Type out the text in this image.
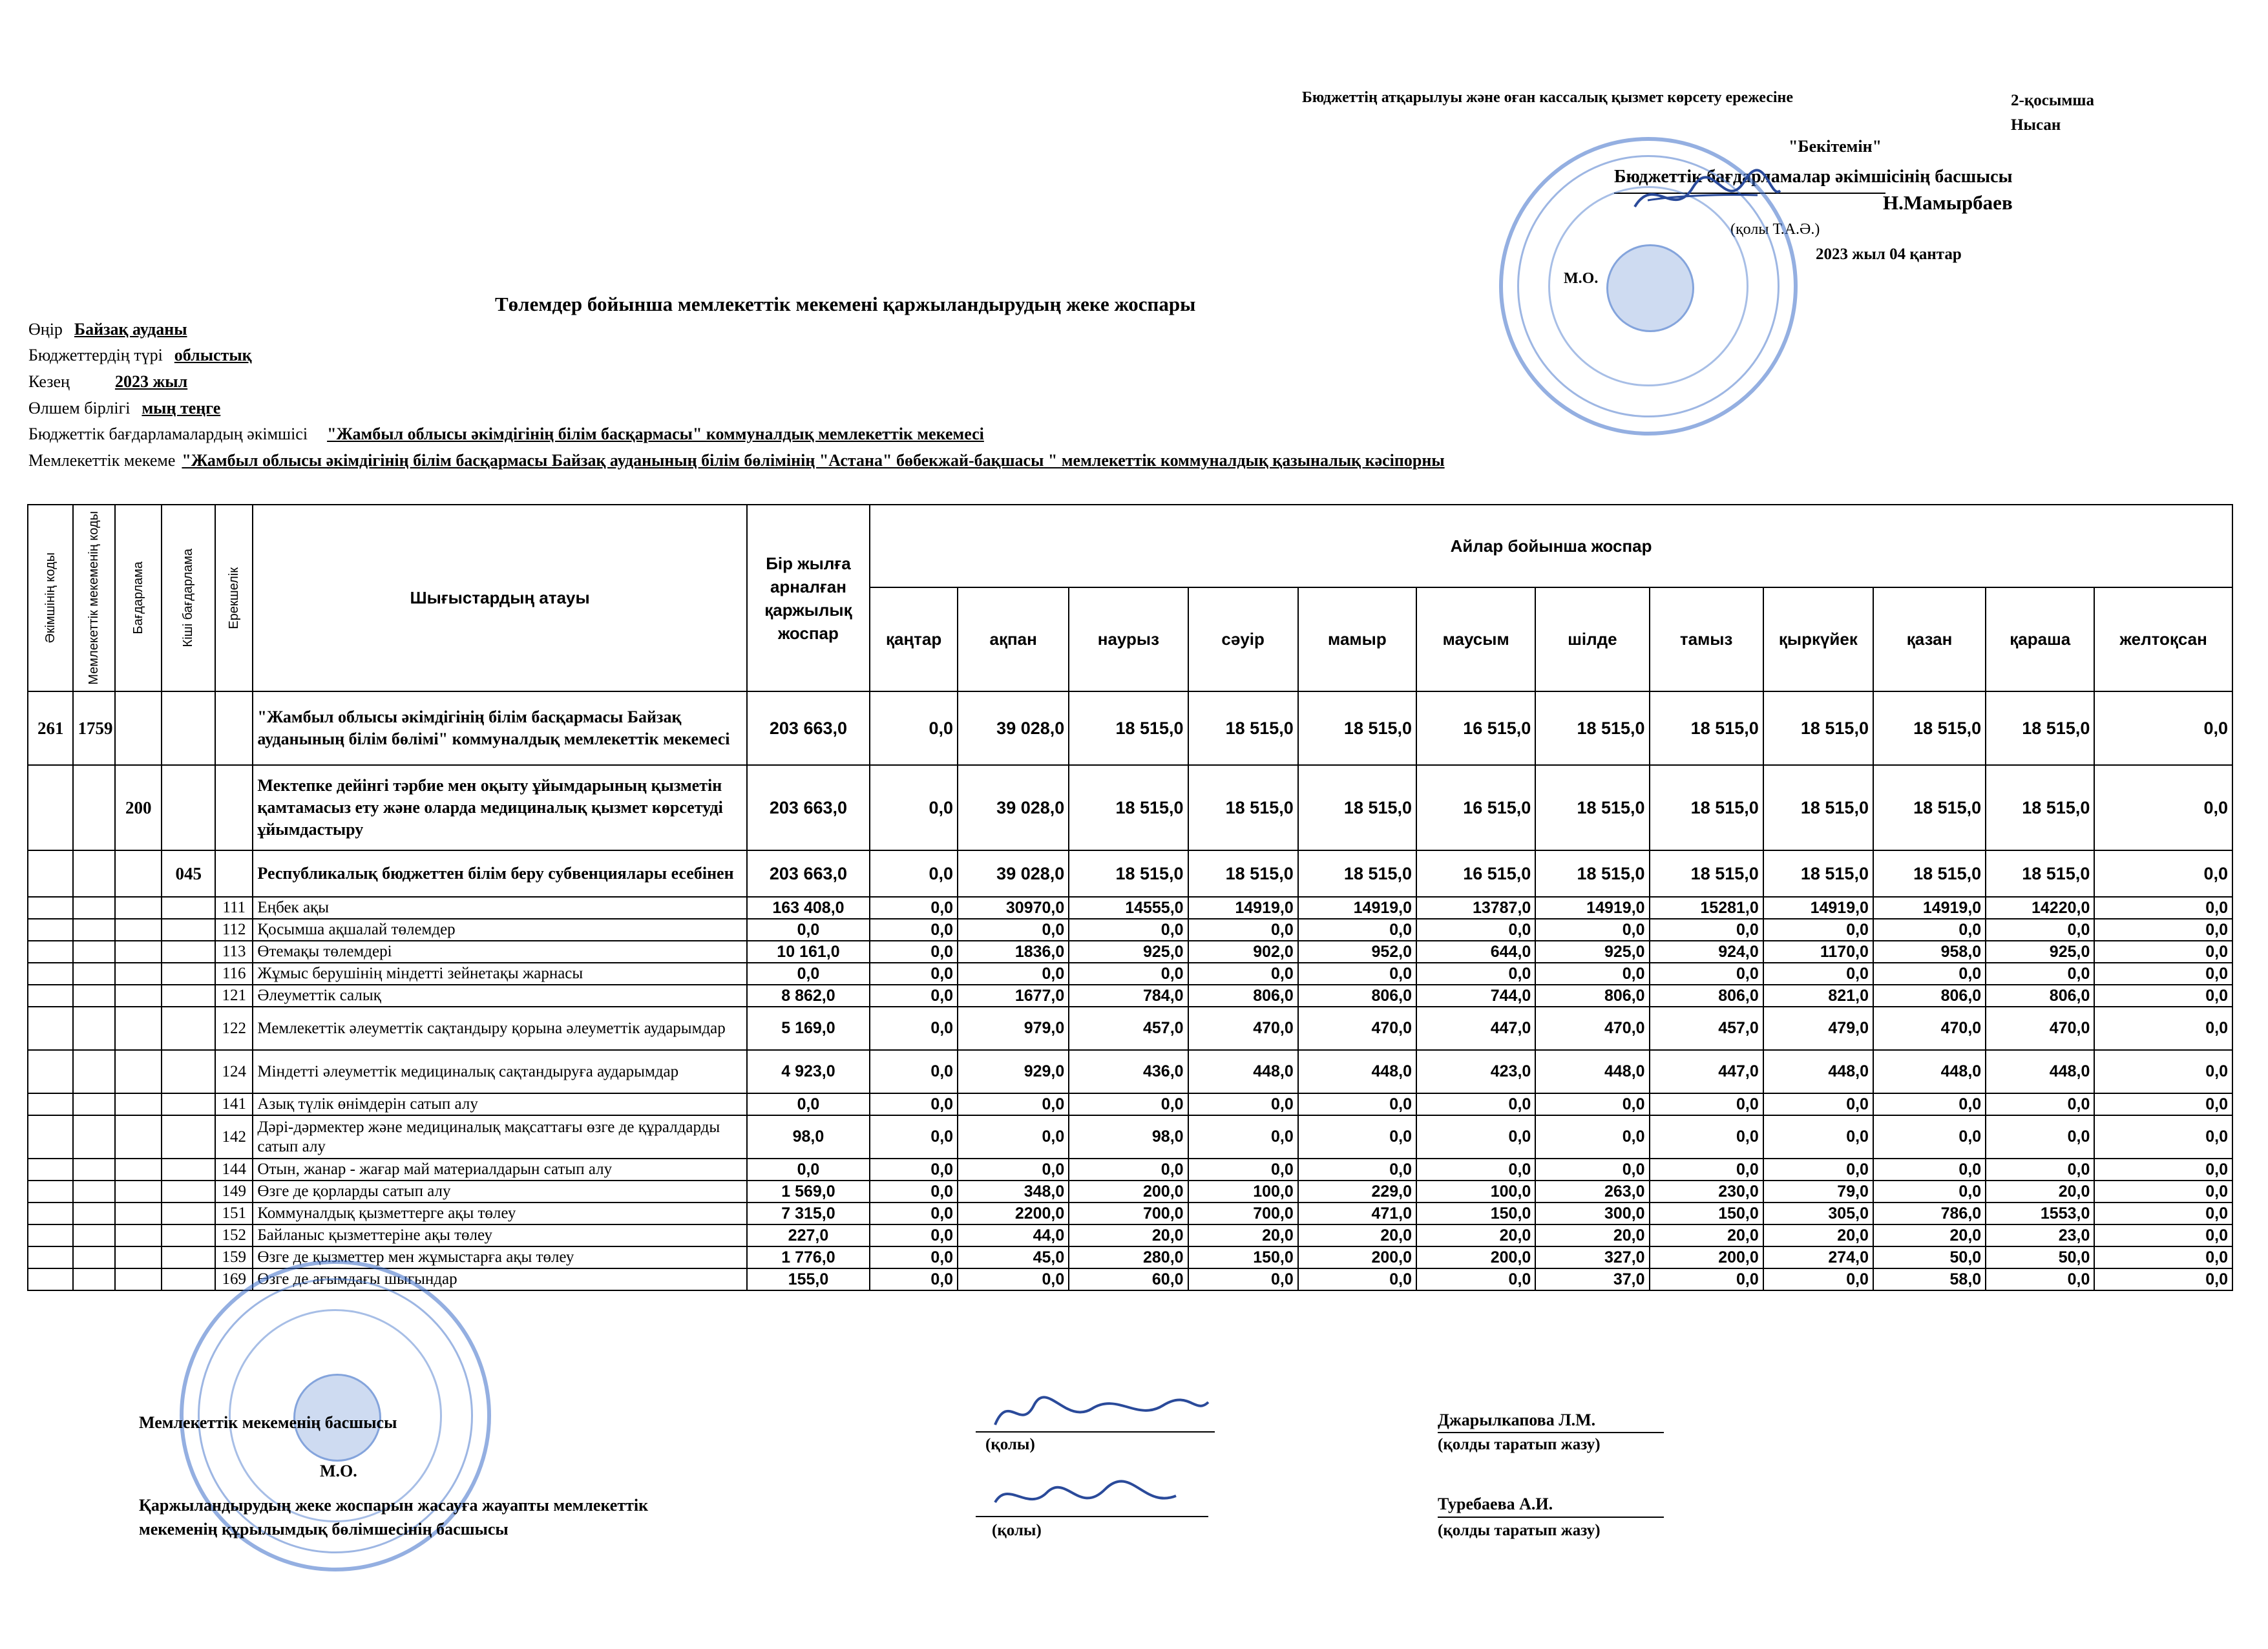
Бюджеттің атқарылуы және оған кассалық қызмет көрсету ережесіне	2-қосымша
Нысан
"Бекітемін"
Бюджеттік бағдарламалар әкімшісінің басшысы
Н.Мамырбаев
(қолы Т.А.Ә.)
2023 жыл 04 қантар
М.О.
Төлемдер бойынша мемлекеттік мекемені қаржыландырудың жеке жоспары
Өңір Байзақ ауданы
Бюджеттердің түрі облыстық
Кезең	2023 жыл
Өлшем бірлігі мың теңге
Бюджеттік бағдарламалардың әкімшісі "Жамбыл облысы әкімдігінің білім басқармасы" коммуналдық мемлекеттік мекемесі
Мемлекеттік мекеме "Жамбыл облысы әкімдігінің білім басқармасы Байзақ ауданының білім бөлімінің "Астана" бөбекжай-бақшасы " мемлекеттік коммуналдық қазыналық кәсіпорны
Әкімшінің коды	Мемлекеттік мекеменің коды	Бағдарлама	Кіші бағдарлама	Ерекшелік	Шығыстардың атауы	Бір жылға арналған қаржылық жоспар	Айлар бойынша жоспар											
							қаңтар	ақпан	наурыз	сәуір	мамыр	маусым	шілде	тамыз	қыркүйек	қазан	қараша	желтоқсан
261	1759				"Жамбыл облысы әкімдігінің білім басқармасы Байзақ ауданының білім бөлімі" коммуналдық мемлекеттік мекемесі	203 663,0	0,0	39 028,0	18 515,0	18 515,0	18 515,0	16 515,0	18 515,0	18 515,0	18 515,0	18 515,0	18 515,0	0,0
		200			Мектепке дейінгі тәрбие мен оқыту ұйымдарының қызметін қамтамасыз ету және оларда медициналық қызмет көрсетуді ұйымдастыру	203 663,0	0,0	39 028,0	18 515,0	18 515,0	18 515,0	16 515,0	18 515,0	18 515,0	18 515,0	18 515,0	18 515,0	0,0
			045		Республикалық бюджеттен білім беру субвенциялары есебінен	203 663,0	0,0	39 028,0	18 515,0	18 515,0	18 515,0	16 515,0	18 515,0	18 515,0	18 515,0	18 515,0	18 515,0	0,0
				111	Еңбек ақы	163 408,0	0,0	30970,0	14555,0	14919,0	14919,0	13787,0	14919,0	15281,0	14919,0	14919,0	14220,0	0,0
				112	Қосымша ақшалай төлемдер	0,0	0,0	0,0	0,0	0,0	0,0	0,0	0,0	0,0	0,0	0,0	0,0	0,0
				113	Өтемақы төлемдері	10 161,0	0,0	1836,0	925,0	902,0	952,0	644,0	925,0	924,0	1170,0	958,0	925,0	0,0
				116	Жұмыс берушінің міндетті зейнетақы жарнасы	0,0	0,0	0,0	0,0	0,0	0,0	0,0	0,0	0,0	0,0	0,0	0,0	0,0
				121	Әлеуметтік салық	8 862,0	0,0	1677,0	784,0	806,0	806,0	744,0	806,0	806,0	821,0	806,0	806,0	0,0
				122	Мемлекеттік әлеуметтік сақтандыру қорына әлеуметтік аударымдар	5 169,0	0,0	979,0	457,0	470,0	470,0	447,0	470,0	457,0	479,0	470,0	470,0	0,0
				124	Міндетті әлеуметтік медициналық сақтандыруға аударымдар	4 923,0	0,0	929,0	436,0	448,0	448,0	423,0	448,0	447,0	448,0	448,0	448,0	0,0
				141	Азық түлік өнімдерін сатып алу	0,0	0,0	0,0	0,0	0,0	0,0	0,0	0,0	0,0	0,0	0,0	0,0	0,0
				142	Дәрі-дәрмектер және медициналық мақсаттағы өзге де құралдарды сатып алу	98,0	0,0	0,0	98,0	0,0	0,0	0,0	0,0	0,0	0,0	0,0	0,0	0,0
				144	Отын, жанар - жағар май материалдарын сатып алу	0,0	0,0	0,0	0,0	0,0	0,0	0,0	0,0	0,0	0,0	0,0	0,0	0,0
				149	Өзге де қорларды сатып алу	1 569,0	0,0	348,0	200,0	100,0	229,0	100,0	263,0	230,0	79,0	0,0	20,0	0,0
				151	Коммуналдық қызметтерге ақы төлеу	7 315,0	0,0	2200,0	700,0	700,0	471,0	150,0	300,0	150,0	305,0	786,0	1553,0	0,0
				152	Байланыс қызметтеріне ақы төлеу	227,0	0,0	44,0	20,0	20,0	20,0	20,0	20,0	20,0	20,0	20,0	23,0	0,0
				159	Өзге де қызметтер мен жұмыстарға ақы төлеу	1 776,0	0,0	45,0	280,0	150,0	200,0	200,0	327,0	200,0	274,0	50,0	50,0	0,0
				169	Өзге де ағымдағы шығындар	155,0	0,0	0,0	60,0	0,0	0,0	0,0	37,0	0,0	0,0	58,0	0,0	0,0
Мемлекеттік мекеменің басшысы
М.О.
Қаржыландырудың жеке жоспарын жасауға жауапты мемлекеттік
мекеменің құрылымдық бөлімшесінің басшысы
(қолы)
(қолы)
Джарылкапова Л.М.
(қолды таратып жазу)
Туребаева А.И.
(қолды таратып жазу)
